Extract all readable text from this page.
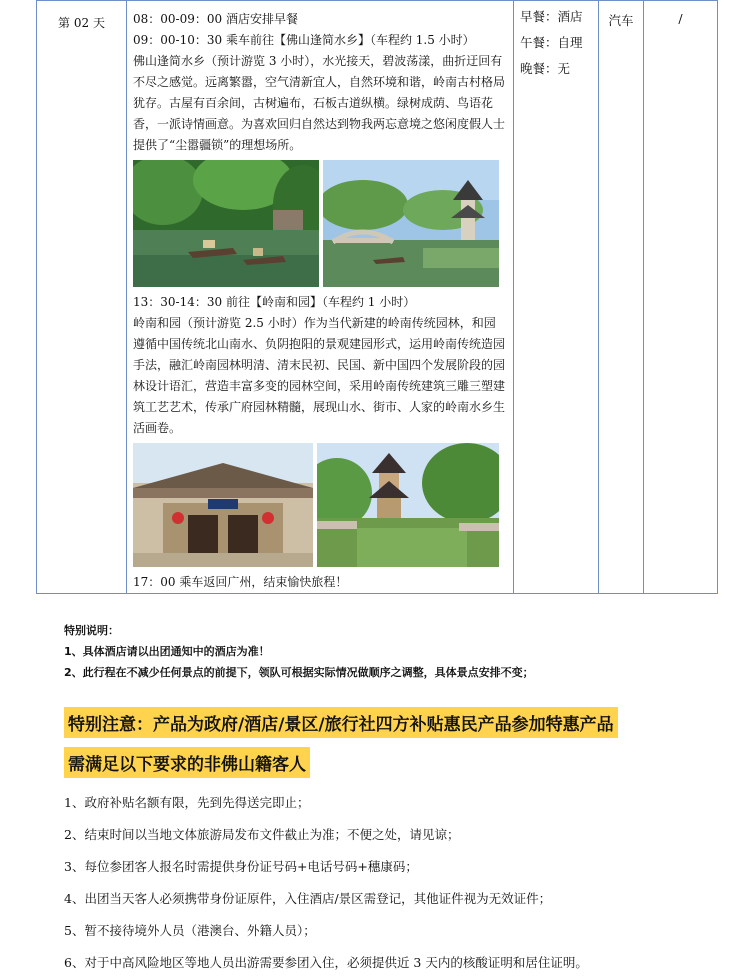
第 02 天	08：00-09：00 酒店安排早餐

09：00-10：30 乘车前往【佛山逢简水乡】（车程约 1.5 小时）

佛山逢简水乡（预计游览 3 小时），水光接天，碧波荡漾，曲折迂回有不尽之感觉。远离繁嚣，空气清新宜人，自然环境和谐，岭南古村格局犹存。古屋有百余间，古树遍布，石板古道纵横。绿树成荫、鸟语花香，一派诗情画意。为喜欢回归自然达到物我两忘意境之悠闲度假人士提供了“尘嚣疆锁”的理想场所。

13：30-14：30 前往【岭南和园】（车程约 1 小时）

岭南和园（预计游览 2.5 小时）作为当代新建的岭南传统园林，和园遵循中国传统北山南水、负阴抱阳的景观建园形式，运用岭南传统造园手法，融汇岭南园林明清、清末民初、民国、新中国四个发展阶段的园林设计语汇，营造丰富多变的园林空间，采用岭南传统建筑三雕三塑建筑工艺艺术，传承广府园林精髓，展现山水、街市、人家的岭南水乡生活画卷。

17：00 乘车返回广州，结束愉快旅程！

早餐：酒店
午餐：自理
晚餐：无

汽车	/

特别说明：

1、具体酒店请以出团通知中的酒店为准！

2、此行程在不减少任何景点的前提下，领队可根据实际情况做顺序之调整，具体景点安排不变；

特别注意：产品为政府/酒店/景区/旅行社四方补贴惠民产品参加特惠产品
需满足以下要求的非佛山籍客人

1、政府补贴名额有限，先到先得送完即止；

2、结束时间以当地文体旅游局发布文件截止为准；不便之处，请见谅；

3、每位参团客人报名时需提供身份证号码+电话号码+穗康码；

4、出团当天客人必须携带身份证原件，入住酒店/景区需登记，其他证件视为无效证件；

5、暂不接待境外人员（港澳台、外籍人员）；

6、对于中高风险地区等地人员出游需要参团入住，必须提供近 3 天内的核酸证明和居住证明。
